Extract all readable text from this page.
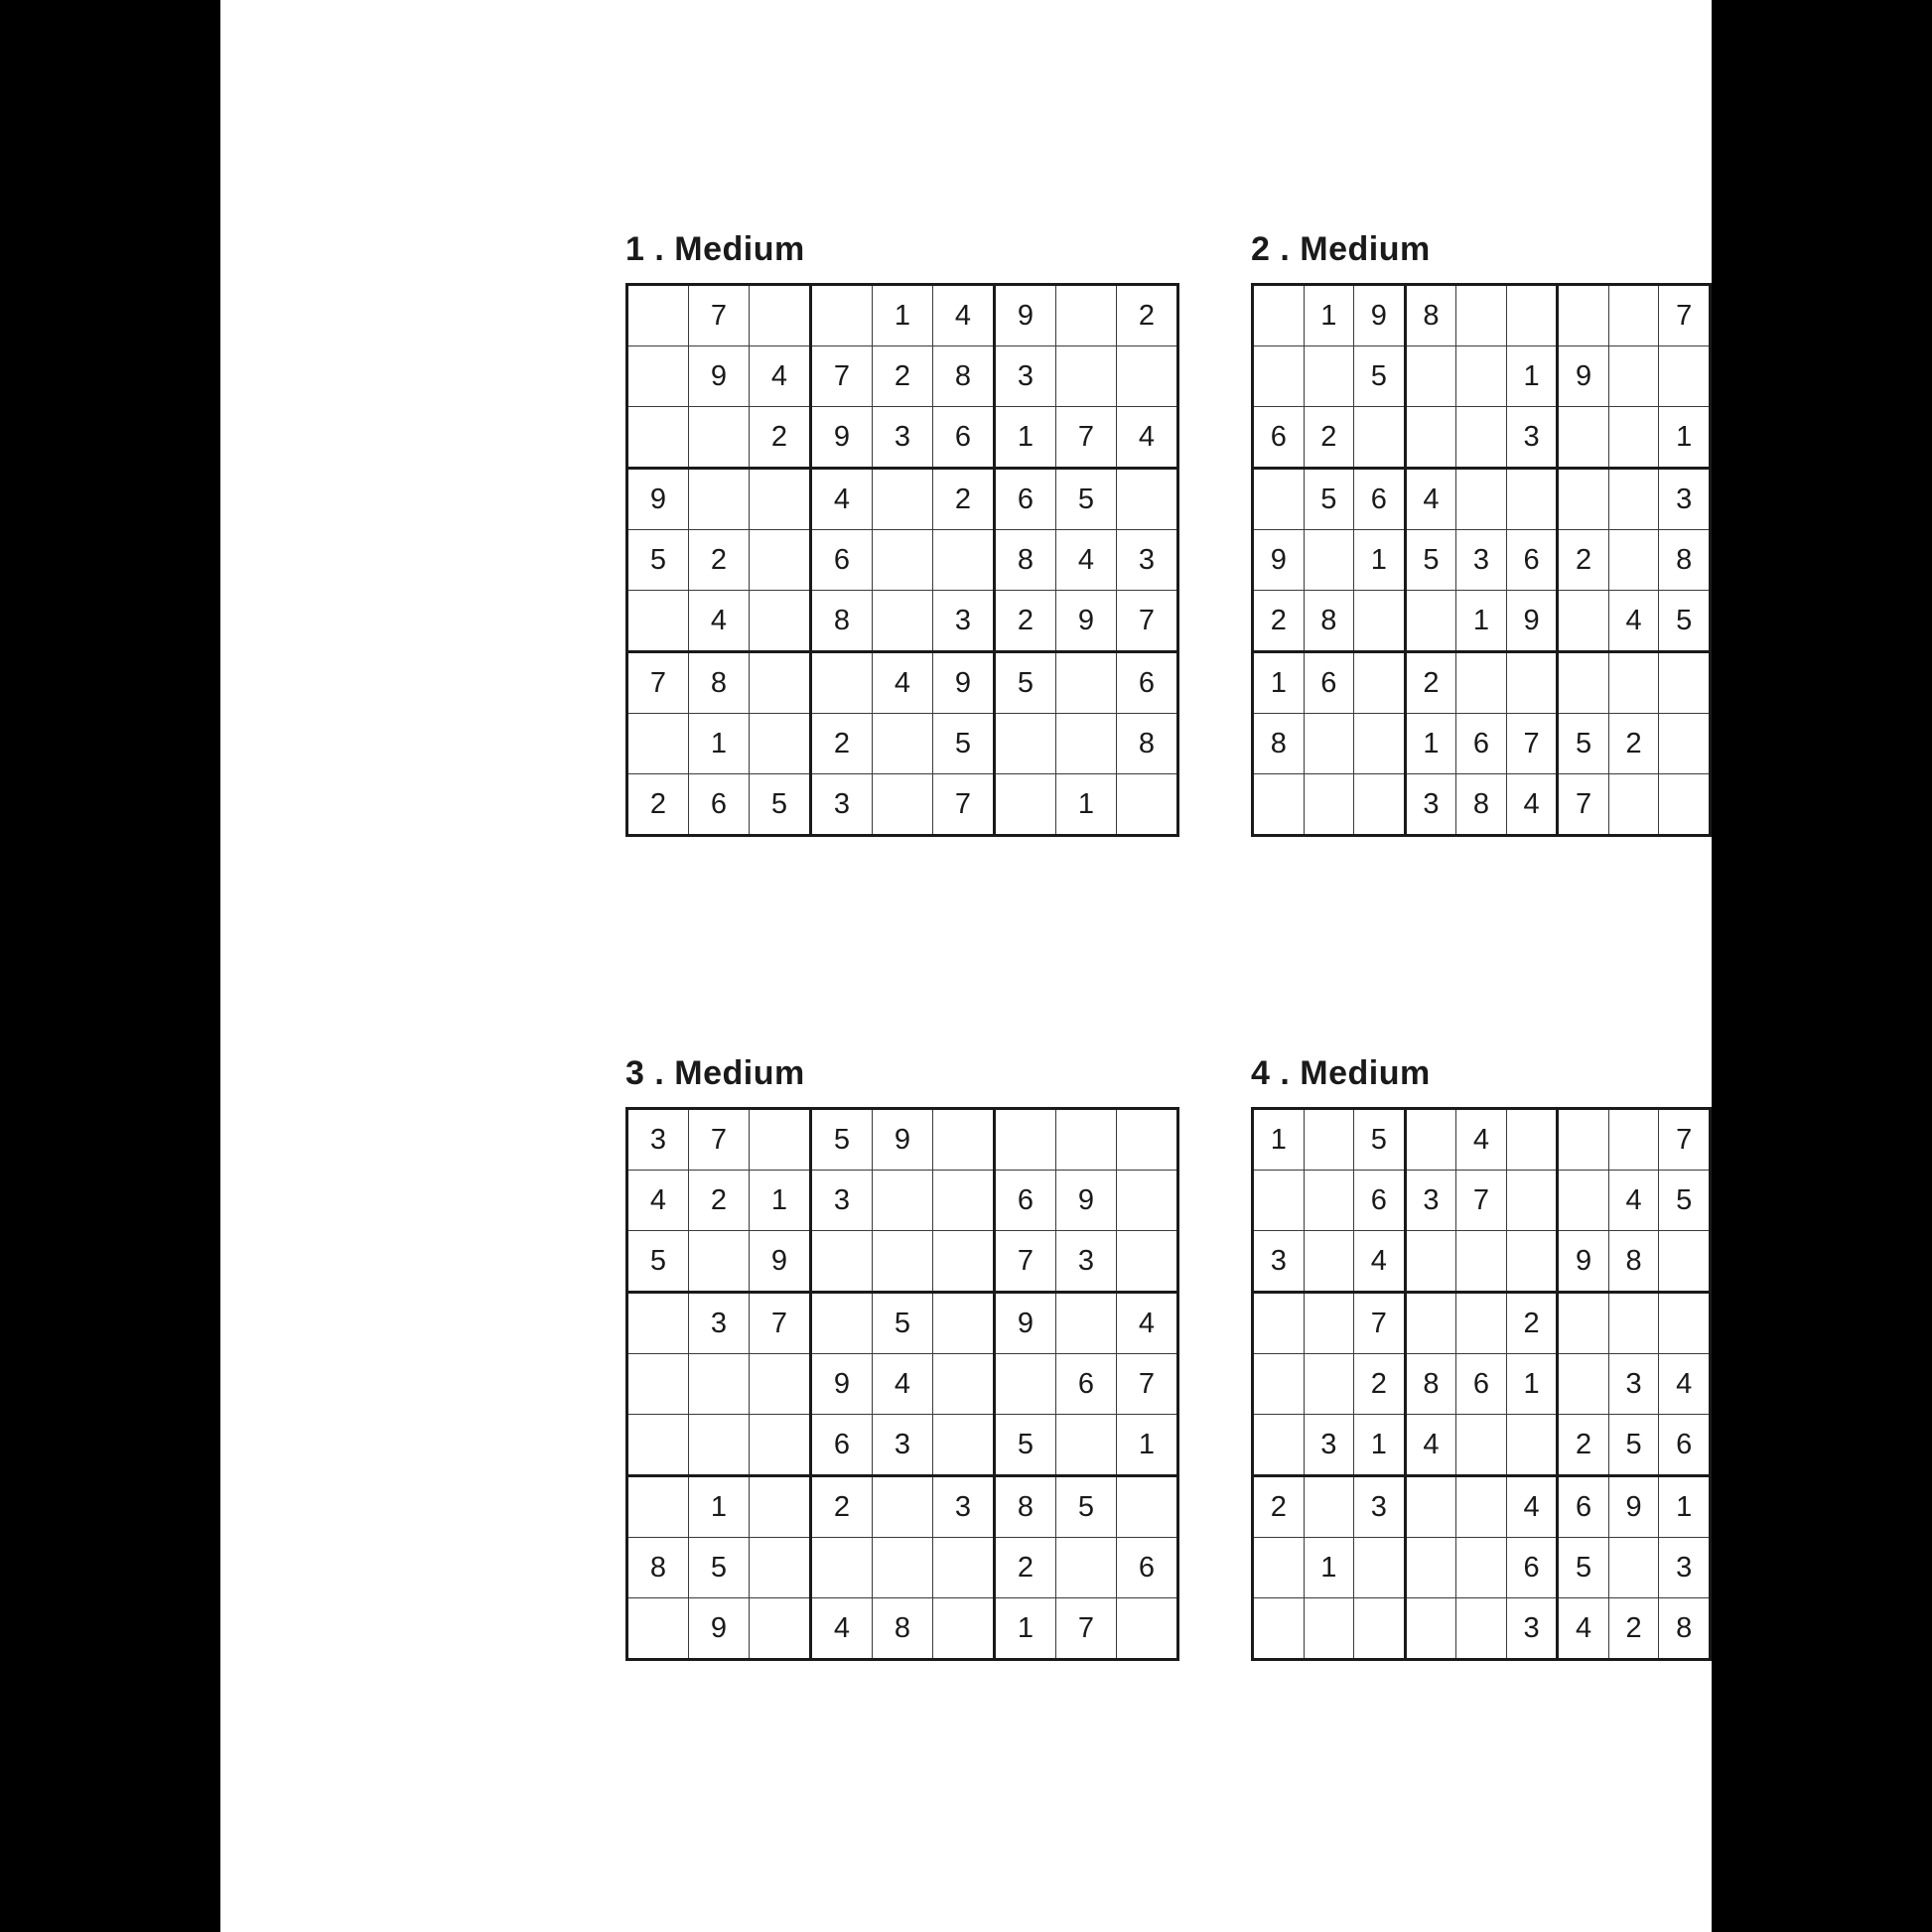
1 . Medium
	7			1	4	9		2
	9	4	7	2	8	3		
		2	9	3	6	1	7	4
9			4		2	6	5	
5	2		6			8	4	3
	4		8		3	2	9	7
7	8			4	9	5		6
	1		2		5			8
2	6	5	3		7		1	
2 . Medium
	1	9	8					7
		5			1	9		
6	2				3			1
	5	6	4					3
9		1	5	3	6	2		8
2	8			1	9		4	5
1	6		2					
8			1	6	7	5	2	
			3	8	4	7		
3 . Medium
3	7		5	9				
4	2	1	3			6	9	
5		9				7	3	
	3	7		5		9		4
			9	4			6	7
			6	3		5		1
	1		2		3	8	5	
8	5					2		6
	9		4	8		1	7	
4 . Medium
1		5		4				7
		6	3	7			4	5
3		4				9	8	
		7			2			
		2	8	6	1		3	4
	3	1	4			2	5	6
2		3			4	6	9	1
	1				6	5		3
					3	4	2	8
